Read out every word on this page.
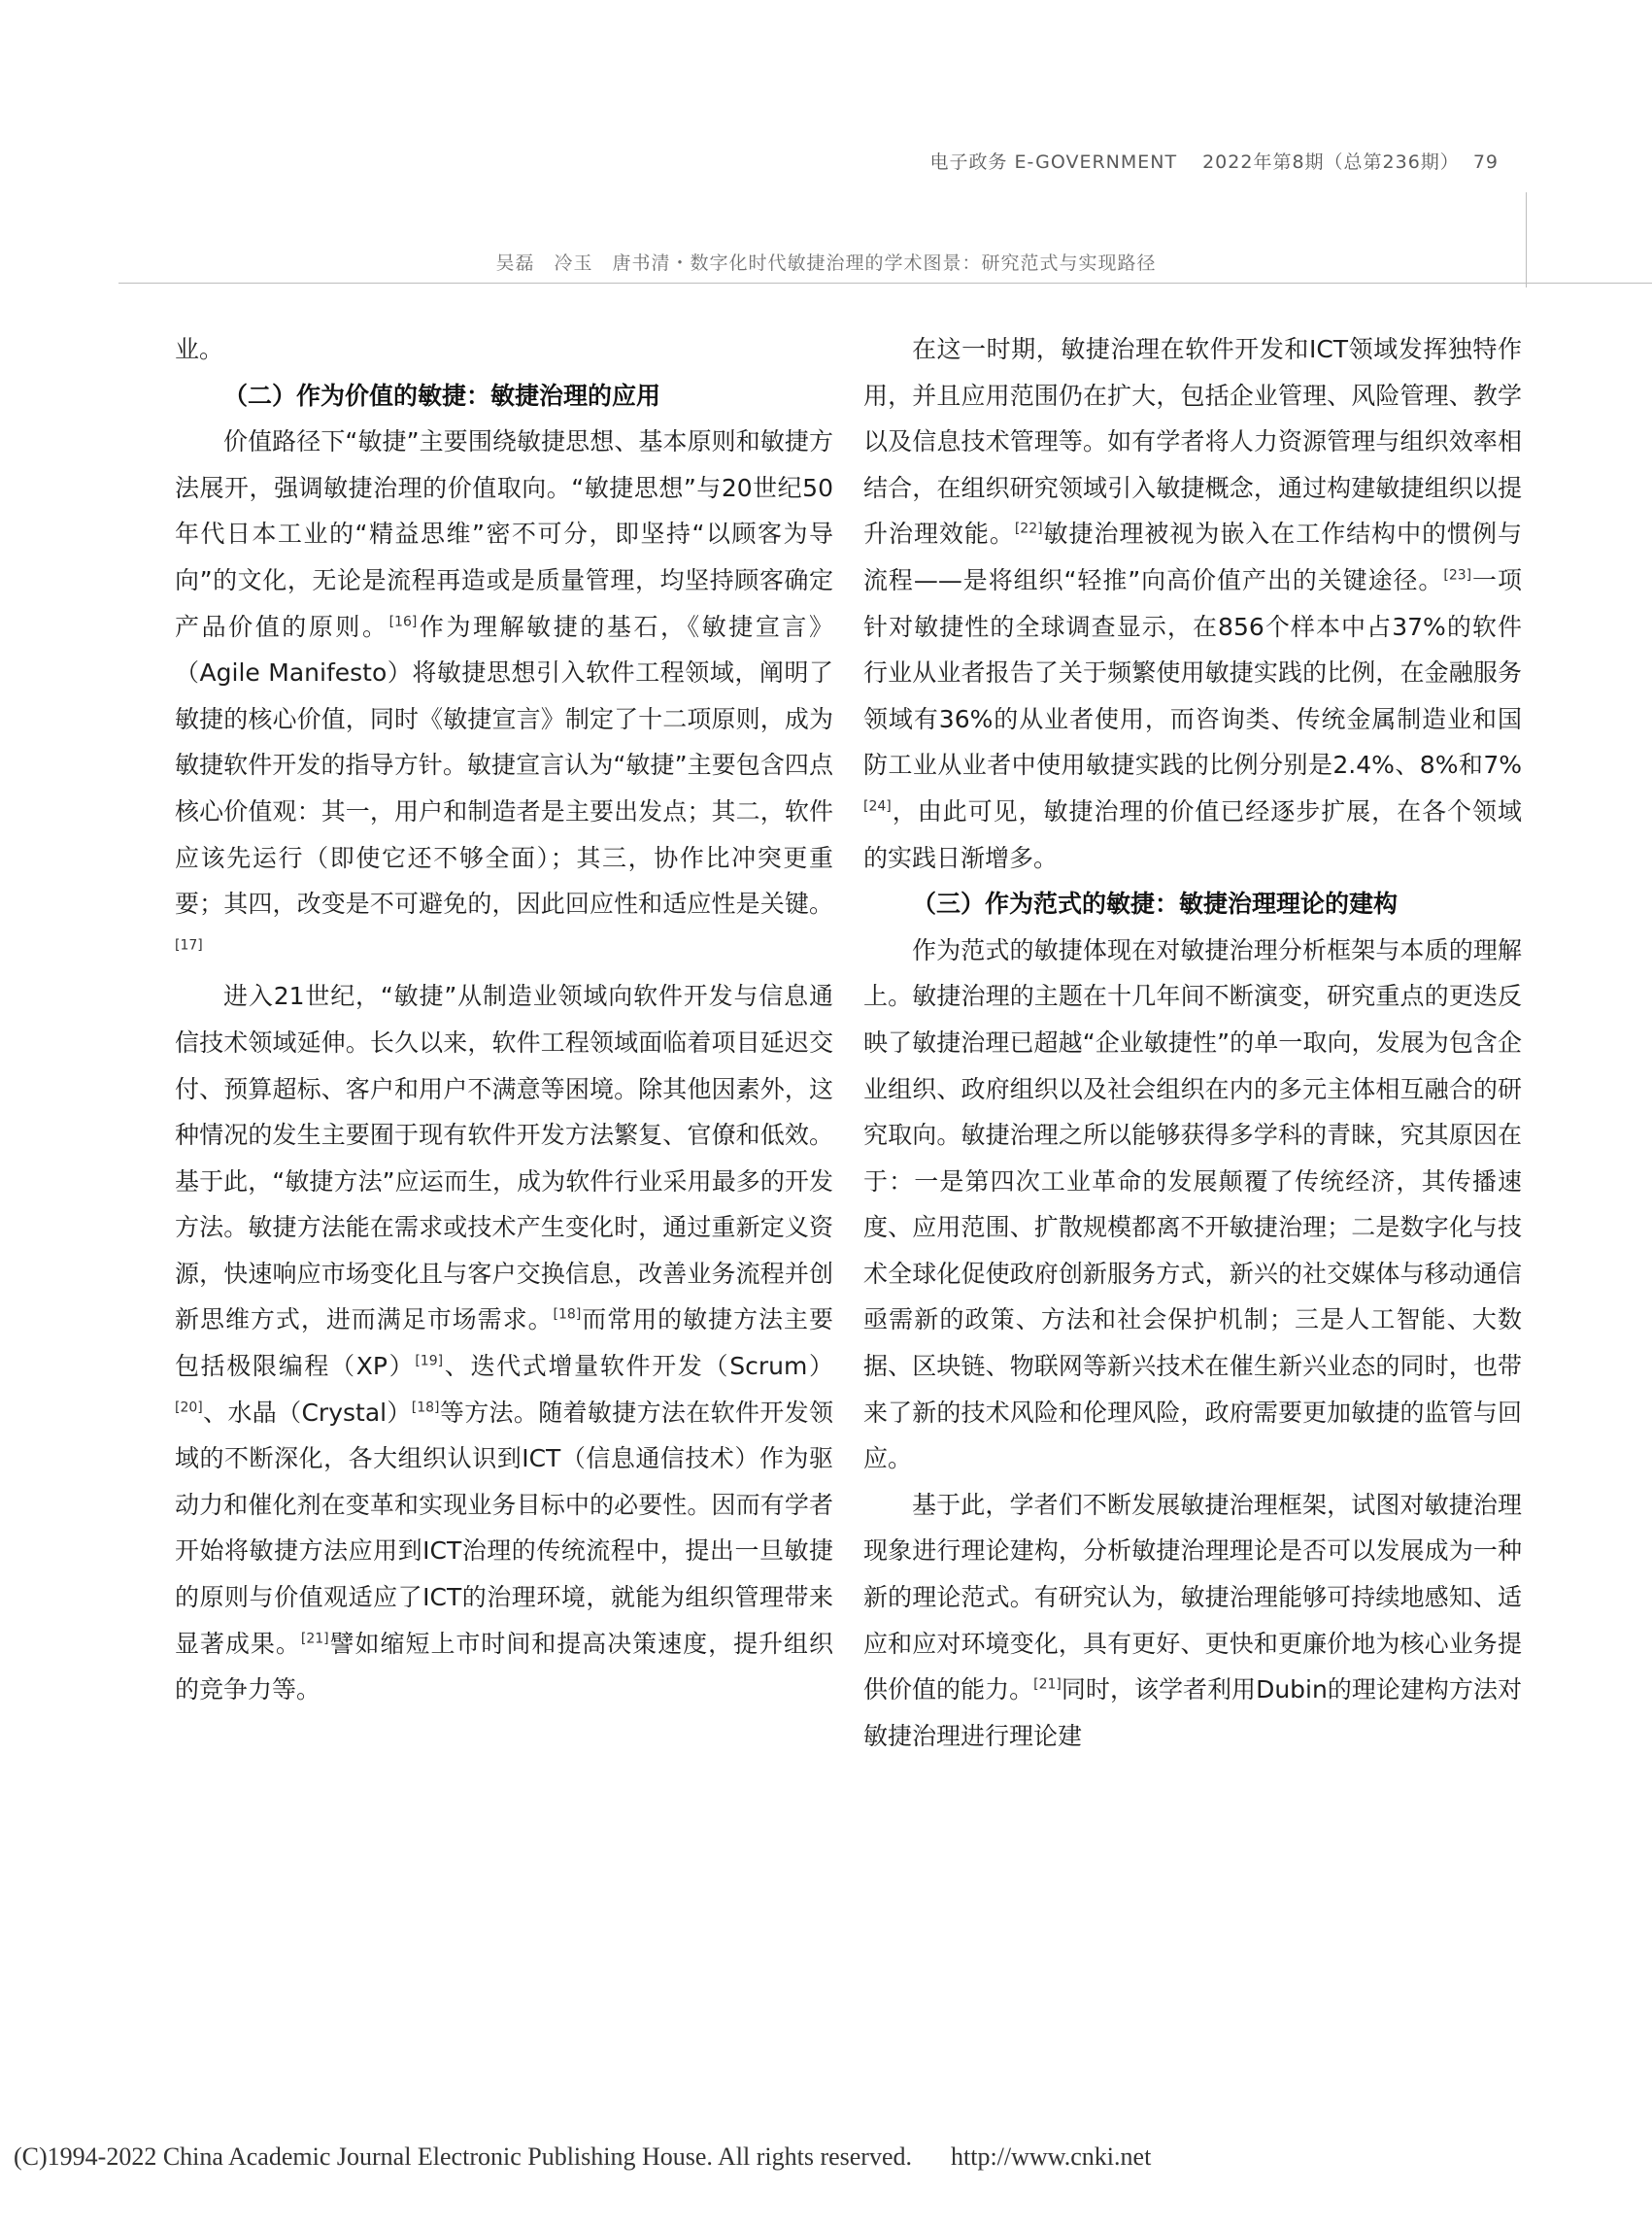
电子政务 E-GOVERNMENT 2022年第8期（总第236期） 79
吴磊　冷玉　唐书清・数字化时代敏捷治理的学术图景：研究范式与实现路径

业。

（二）作为价值的敏捷：敏捷治理的应用

价值路径下“敏捷”主要围绕敏捷思想、基本原则和敏捷方法展开，强调敏捷治理的价值取向。“敏捷思想”与20世纪50年代日本工业的“精益思维”密不可分，即坚持“以顾客为导向”的文化，无论是流程再造或是质量管理，均坚持顾客确定产品价值的原则。[16]作为理解敏捷的基石，《敏捷宣言》（Agile Manifesto）将敏捷思想引入软件工程领域，阐明了敏捷的核心价值，同时《敏捷宣言》制定了十二项原则，成为敏捷软件开发的指导方针。敏捷宣言认为“敏捷”主要包含四点核心价值观：其一，用户和制造者是主要出发点；其二，软件应该先运行（即使它还不够全面）；其三，协作比冲突更重要；其四，改变是不可避免的，因此回应性和适应性是关键。[17]

进入21世纪，“敏捷”从制造业领域向软件开发与信息通信技术领域延伸。长久以来，软件工程领域面临着项目延迟交付、预算超标、客户和用户不满意等困境。除其他因素外，这种情况的发生主要囿于现有软件开发方法繁复、官僚和低效。基于此，“敏捷方法”应运而生，成为软件行业采用最多的开发方法。敏捷方法能在需求或技术产生变化时，通过重新定义资源，快速响应市场变化且与客户交换信息，改善业务流程并创新思维方式，进而满足市场需求。[18]而常用的敏捷方法主要包括极限编程（XP）[19]、迭代式增量软件开发（Scrum）[20]、水晶（Crystal）[18]等方法。随着敏捷方法在软件开发领域的不断深化，各大组织认识到ICT（信息通信技术）作为驱动力和催化剂在变革和实现业务目标中的必要性。因而有学者开始将敏捷方法应用到ICT治理的传统流程中，提出一旦敏捷的原则与价值观适应了ICT的治理环境，就能为组织管理带来显著成果。[21]譬如缩短上市时间和提高决策速度，提升组织的竞争力等。

在这一时期，敏捷治理在软件开发和ICT领域发挥独特作用，并且应用范围仍在扩大，包括企业管理、风险管理、教学以及信息技术管理等。如有学者将人力资源管理与组织效率相结合，在组织研究领域引入敏捷概念，通过构建敏捷组织以提升治理效能。[22]敏捷治理被视为嵌入在工作结构中的惯例与流程——是将组织“轻推”向高价值产出的关键途径。[23]一项针对敏捷性的全球调查显示，在856个样本中占37%的软件行业从业者报告了关于频繁使用敏捷实践的比例，在金融服务领域有36%的从业者使用，而咨询类、传统金属制造业和国防工业从业者中使用敏捷实践的比例分别是2.4%、8%和7%[24]，由此可见，敏捷治理的价值已经逐步扩展，在各个领域的实践日渐增多。

（三）作为范式的敏捷：敏捷治理理论的建构

作为范式的敏捷体现在对敏捷治理分析框架与本质的理解上。敏捷治理的主题在十几年间不断演变，研究重点的更迭反映了敏捷治理已超越“企业敏捷性”的单一取向，发展为包含企业组织、政府组织以及社会组织在内的多元主体相互融合的研究取向。敏捷治理之所以能够获得多学科的青睐，究其原因在于：一是第四次工业革命的发展颠覆了传统经济，其传播速度、应用范围、扩散规模都离不开敏捷治理；二是数字化与技术全球化促使政府创新服务方式，新兴的社交媒体与移动通信亟需新的政策、方法和社会保护机制；三是人工智能、大数据、区块链、物联网等新兴技术在催生新兴业态的同时，也带来了新的技术风险和伦理风险，政府需要更加敏捷的监管与回应。

基于此，学者们不断发展敏捷治理框架，试图对敏捷治理现象进行理论建构，分析敏捷治理理论是否可以发展成为一种新的理论范式。有研究认为，敏捷治理能够可持续地感知、适应和应对环境变化，具有更好、更快和更廉价地为核心业务提供价值的能力。[21]同时，该学者利用Dubin的理论建构方法对敏捷治理进行理论建

(C)1994-2022 China Academic Journal Electronic Publishing House. All rights reserved. http://www.cnki.net
